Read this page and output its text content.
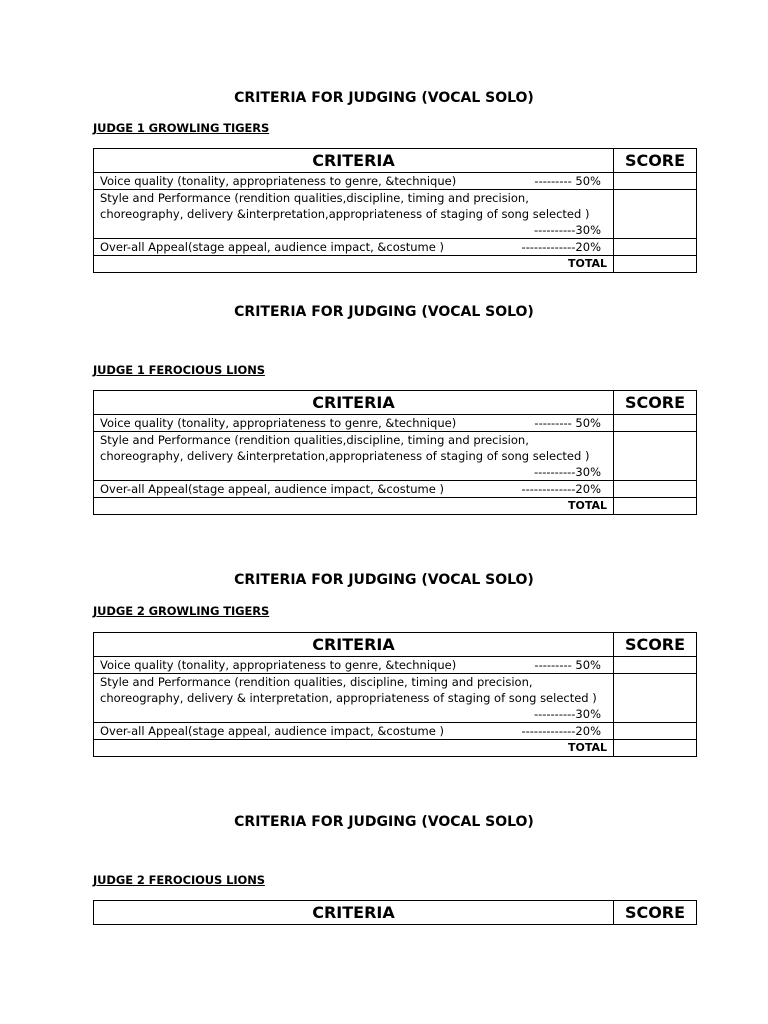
CRITERIA FOR JUDGING (VOCAL SOLO)

JUDGE 1 GROWLING TIGERS

CRITERIA	SCORE

Voice quality (tonality, appropriateness to genre, &technique) --------- 50%	

Style and Performance (rendition qualities,discipline, timing and precision,
choreography, delivery &interpretation,appropriateness of staging of song selected )
----------30%	

Over-all Appeal(stage appeal, audience impact, &costume ) -------------20%	

TOTAL	
CRITERIA FOR JUDGING (VOCAL SOLO)

JUDGE 1 FEROCIOUS LIONS

CRITERIA	SCORE

Voice quality (tonality, appropriateness to genre, &technique) --------- 50%	

Style and Performance (rendition qualities,discipline, timing and precision,
choreography, delivery &interpretation,appropriateness of staging of song selected )
----------30%	

Over-all Appeal(stage appeal, audience impact, &costume ) -------------20%	

TOTAL	
CRITERIA FOR JUDGING (VOCAL SOLO)

JUDGE 2 GROWLING TIGERS

CRITERIA	SCORE

Voice quality (tonality, appropriateness to genre, &technique) --------- 50%	

Style and Performance (rendition qualities, discipline, timing and precision,
choreography, delivery & interpretation, appropriateness of staging of song selected )
----------30%	

Over-all Appeal(stage appeal, audience impact, &costume ) -------------20%	

TOTAL	
CRITERIA FOR JUDGING (VOCAL SOLO)

JUDGE 2 FEROCIOUS LIONS

CRITERIA	SCORE
